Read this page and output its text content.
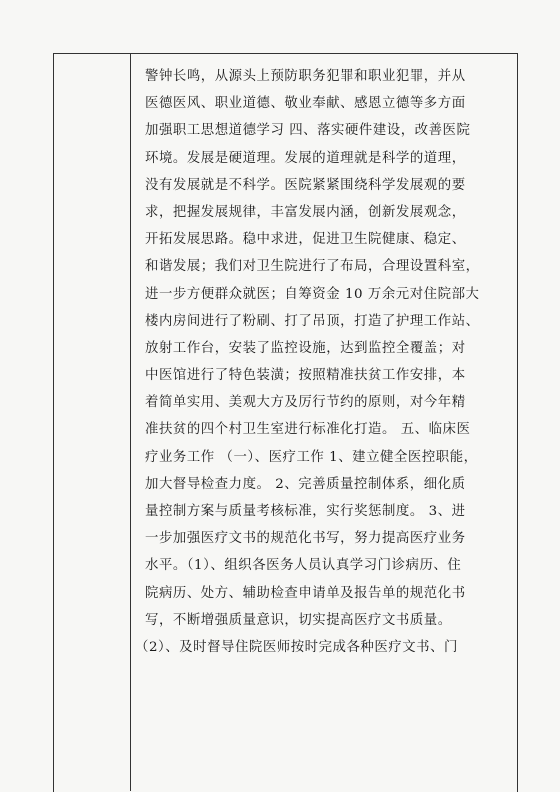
警钟长鸣，从源头上预防职务犯罪和职业犯罪，并从
医德医风、职业道德、敬业奉献、感恩立德等多方面
加强职工思想道德学习 四、落实硬件建设，改善医院
环境。发展是硬道理。发展的道理就是科学的道理，
没有发展就是不科学。医院紧紧围绕科学发展观的要
求，把握发展规律，丰富发展内涵，创新发展观念，
开拓发展思路。稳中求进，促进卫生院健康、稳定、
和谐发展；我们对卫生院进行了布局，合理设置科室，
进一步方便群众就医；自筹资金 10 万余元对住院部大
楼内房间进行了粉刷、打了吊顶，打造了护理工作站、
放射工作台，安装了监控设施，达到监控全覆盖；对
中医馆进行了特色装潢；按照精准扶贫工作安排，本
着简单实用、美观大方及厉行节约的原则，对今年精
准扶贫的四个村卫生室进行标准化打造。 五、临床医
疗业务工作 （一）、医疗工作 1、建立健全医控职能，
加大督导检查力度。 2、完善质量控制体系，细化质
量控制方案与质量考核标准，实行奖惩制度。 3、进
一步加强医疗文书的规范化书写，努力提高医疗业务
水平。（1）、组织各医务人员认真学习门诊病历、住
院病历、处方、辅助检查申请单及报告单的规范化书
写，不断增强质量意识，切实提高医疗文书质量。
（2）、及时督导住院医师按时完成各种医疗文书、门
